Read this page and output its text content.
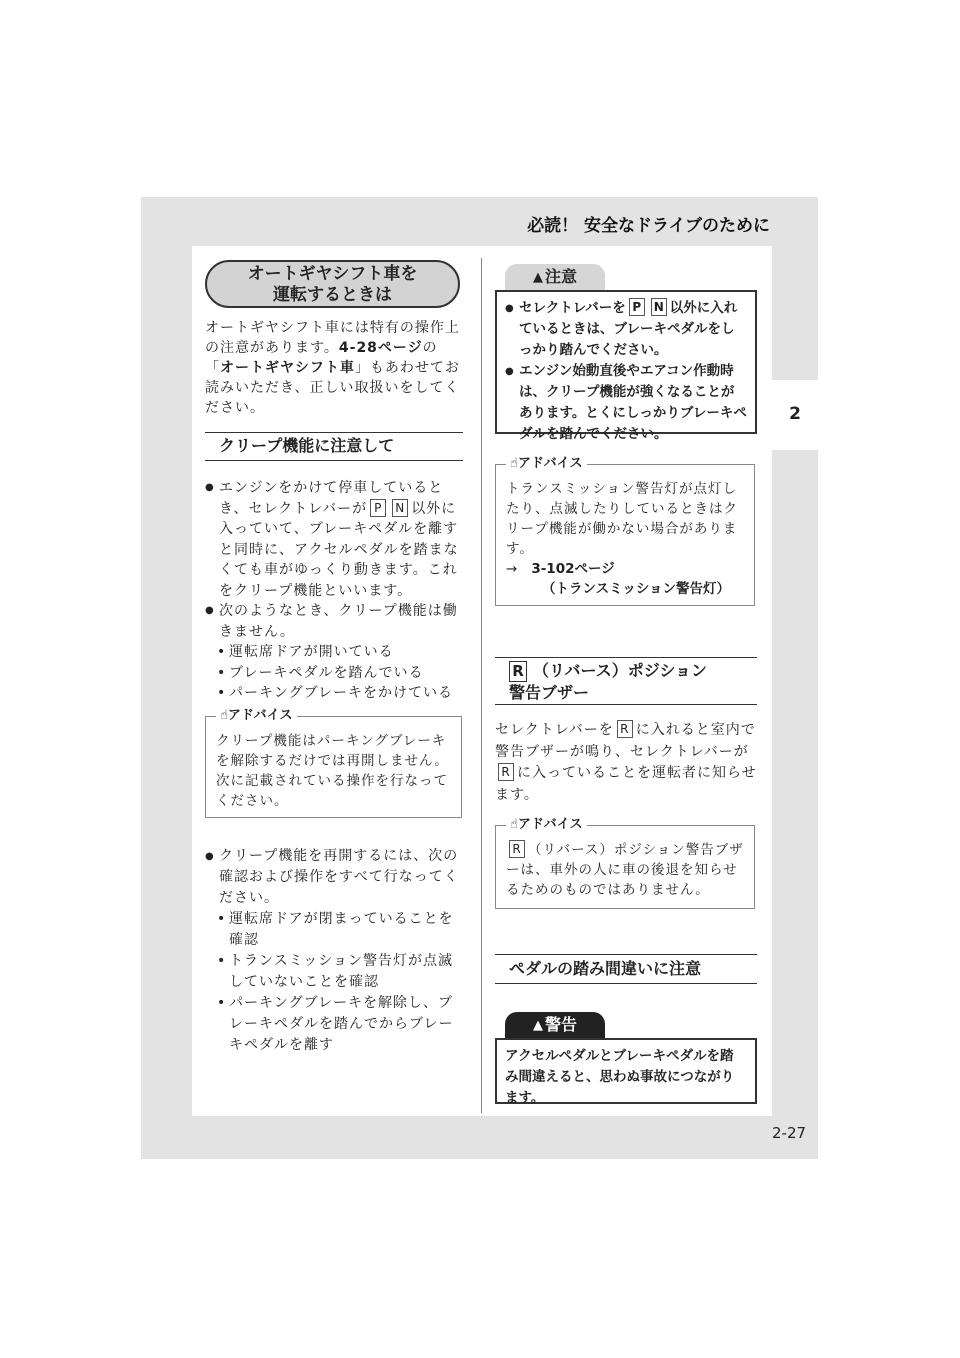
必読！ 安全なドライブのために
2
2-27
オートギヤシフト車を
運転するときは
オートギヤシフト車には特有の操作上の注意があります。4-28ページの「オートギヤシフト車」もあわせてお読みいただき、正しい取扱いをしてください。
クリープ機能に注意して

● エンジンをかけて停車しているとき、セレクトレバーが P N 以外に入っていて、ブレーキペダルを離すと同時に、アクセルペダルを踏まなくても車がゆっくり動きます。これをクリープ機能といいます。

● 次のようなとき、クリープ機能は働きません。

• 運転席ドアが開いている

• ブレーキペダルを踏んでいる

• パーキングブレーキをかけている

☝アドバイス
クリープ機能はパーキングブレーキを解除するだけでは再開しません。次に記載されている操作を行なってください。

● クリープ機能を再開するには、次の確認および操作をすべて行なってください。

• 運転席ドアが閉まっていることを確認

• トランスミッション警告灯が点滅していないことを確認

• パーキングブレーキを解除し、ブレーキペダルを踏んでからブレーキペダルを離す

▲ 注意

● セレクトレバーを P N 以外に入れているときは、ブレーキペダルをしっかり踏んでください。

● エンジン始動直後やエアコン作動時は、クリープ機能が強くなることがあります。とくにしっかりブレーキペダルを踏んでください。

☝アドバイス
トランスミッション警告灯が点灯したり、点滅したりしているときはクリープ機能が働かない場合があります。
→ 3-102ページ
（トランスミッション警告灯）
R （リバース）ポジション
警告ブザー
セレクトレバーを R に入れると室内で警告ブザーが鳴り、セレクトレバーがR に入っていることを運転者に知らせます。
☝アドバイス
R （リバース）ポジション警告ブザーは、車外の人に車の後退を知らせるためのものではありません。
ペダルの踏み間違いに注意
▲ 警告
アクセルペダルとブレーキペダルを踏み間違えると、思わぬ事故につながります。
